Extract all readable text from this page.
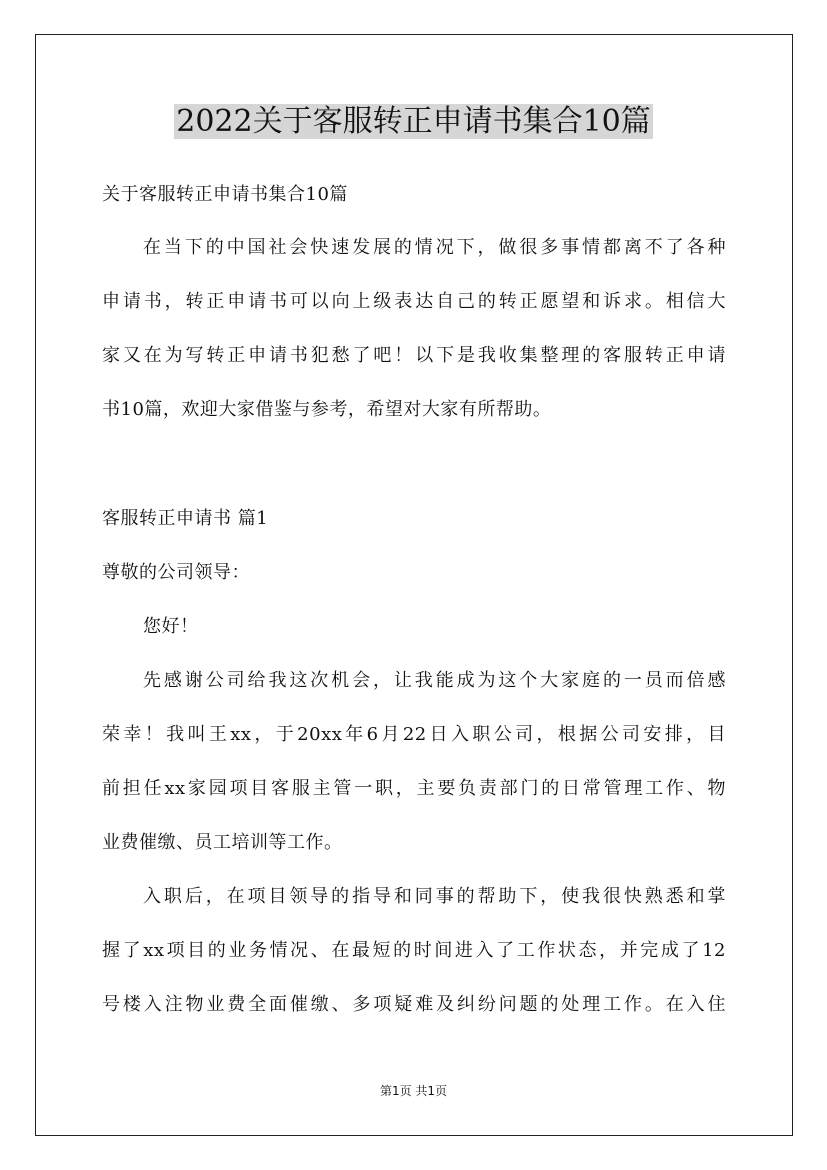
2022关于客服转正申请书集合10篇
关于客服转正申请书集合10篇
在当下的中国社会快速发展的情况下，做很多事情都离不了各种
申请书，转正申请书可以向上级表达自己的转正愿望和诉求。相信大
家又在为写转正申请书犯愁了吧！以下是我收集整理的客服转正申请
书10篇，欢迎大家借鉴与参考，希望对大家有所帮助。
客服转正申请书 篇1
尊敬的公司领导：
您好！
先感谢公司给我这次机会，让我能成为这个大家庭的一员而倍感
荣幸！我叫王xx，于20xx年6月22日入职公司，根据公司安排，目
前担任xx家园项目客服主管一职，主要负责部门的日常管理工作、物
业费催缴、员工培训等工作。
入职后，在项目领导的指导和同事的帮助下，使我很快熟悉和掌
握了xx项目的业务情况、在最短的时间进入了工作状态，并完成了12
号楼入注物业费全面催缴、多项疑难及纠纷问题的处理工作。在入住
第1页 共1页
